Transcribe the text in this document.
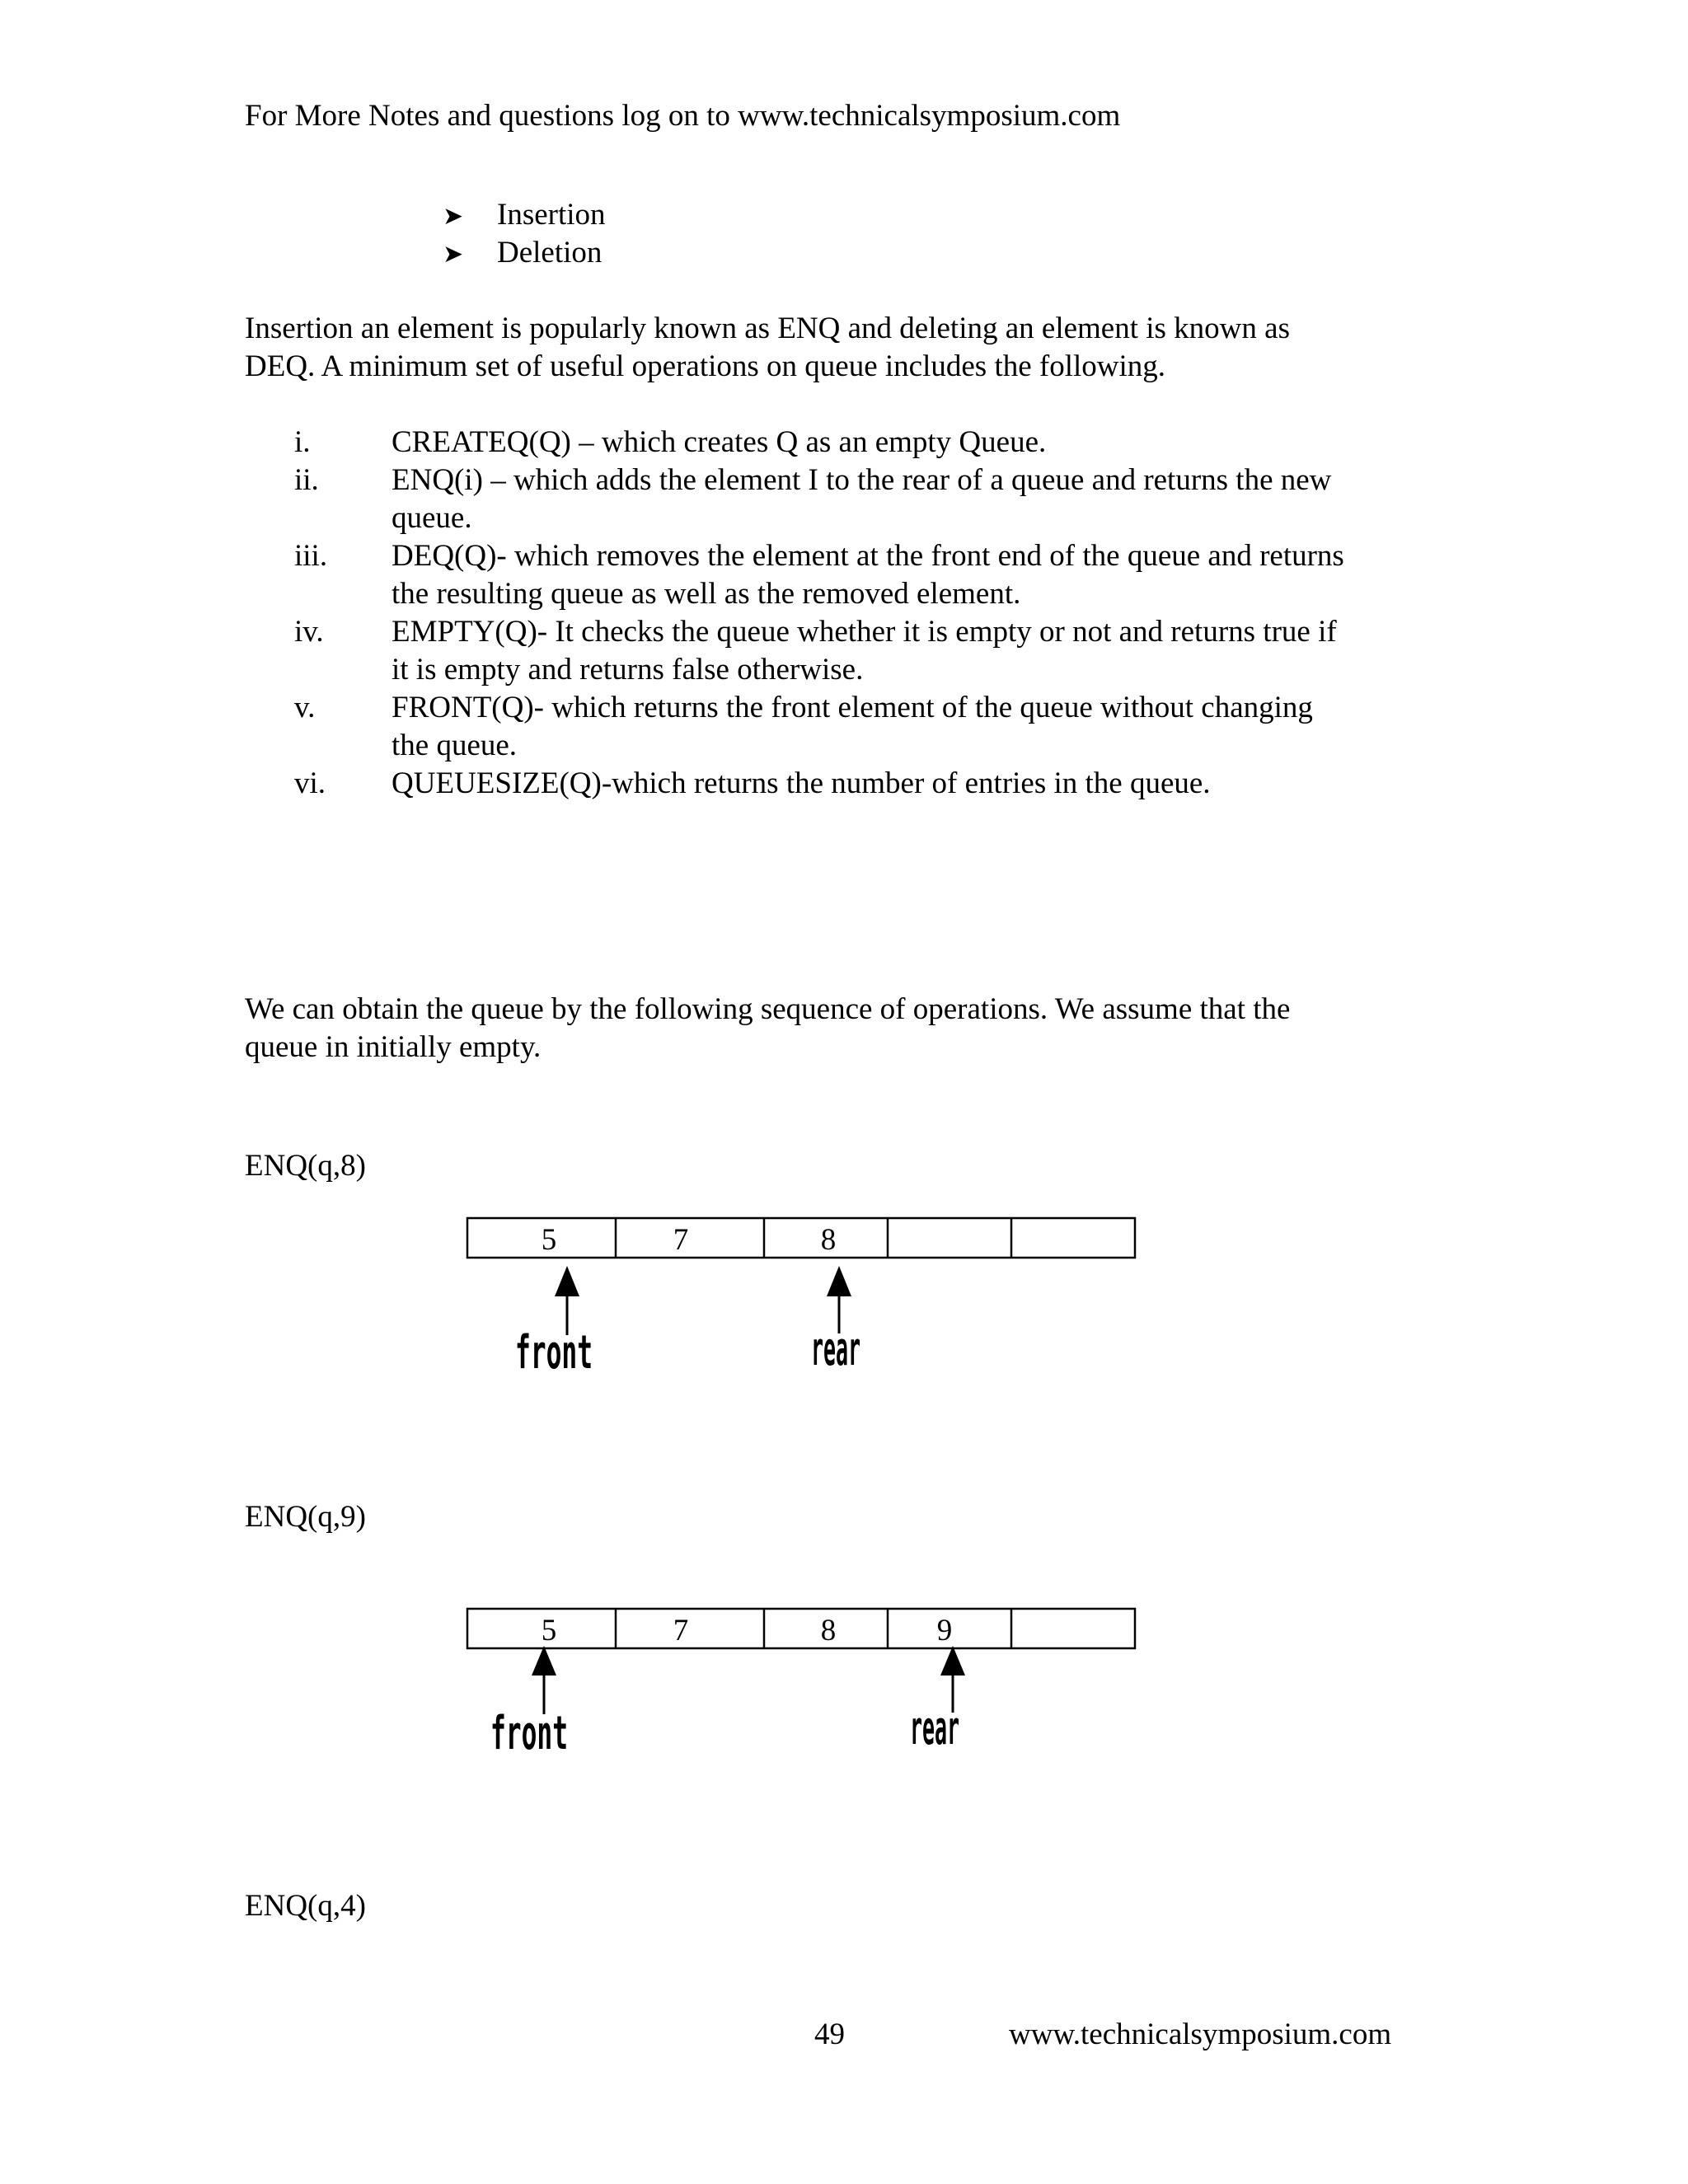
For More Notes and questions log on to www.technicalsymposium.com
➤ Insertion
➤ Deletion
Insertion an element is popularly known as ENQ and deleting an element is known as
DEQ. A minimum set of useful operations on queue includes the following.
i.	CREATEQ(Q) – which creates Q as an empty Queue.
ii. ENQ(i) – which adds the element I to the rear of a queue and returns the new
queue.
iii. DEQ(Q)- which removes the element at the front end of the queue and returns
the resulting queue as well as the removed element.
iv. EMPTY(Q)- It checks the queue whether it is empty or not and returns true if
it is empty and returns false otherwise.
v.	FRONT(Q)- which returns the front element of the queue without changing
the queue.
vi. QUEUESIZE(Q)-which returns the number of entries in the queue.
We can obtain the queue by the following sequence of operations. We assume that the
queue in initially empty.
ENQ(q,8)
5	7	8
front	rear
5	7	8	9
front	rear
ENQ(q,9)
ENQ(q,4)
49	www.technicalsymposium.com
